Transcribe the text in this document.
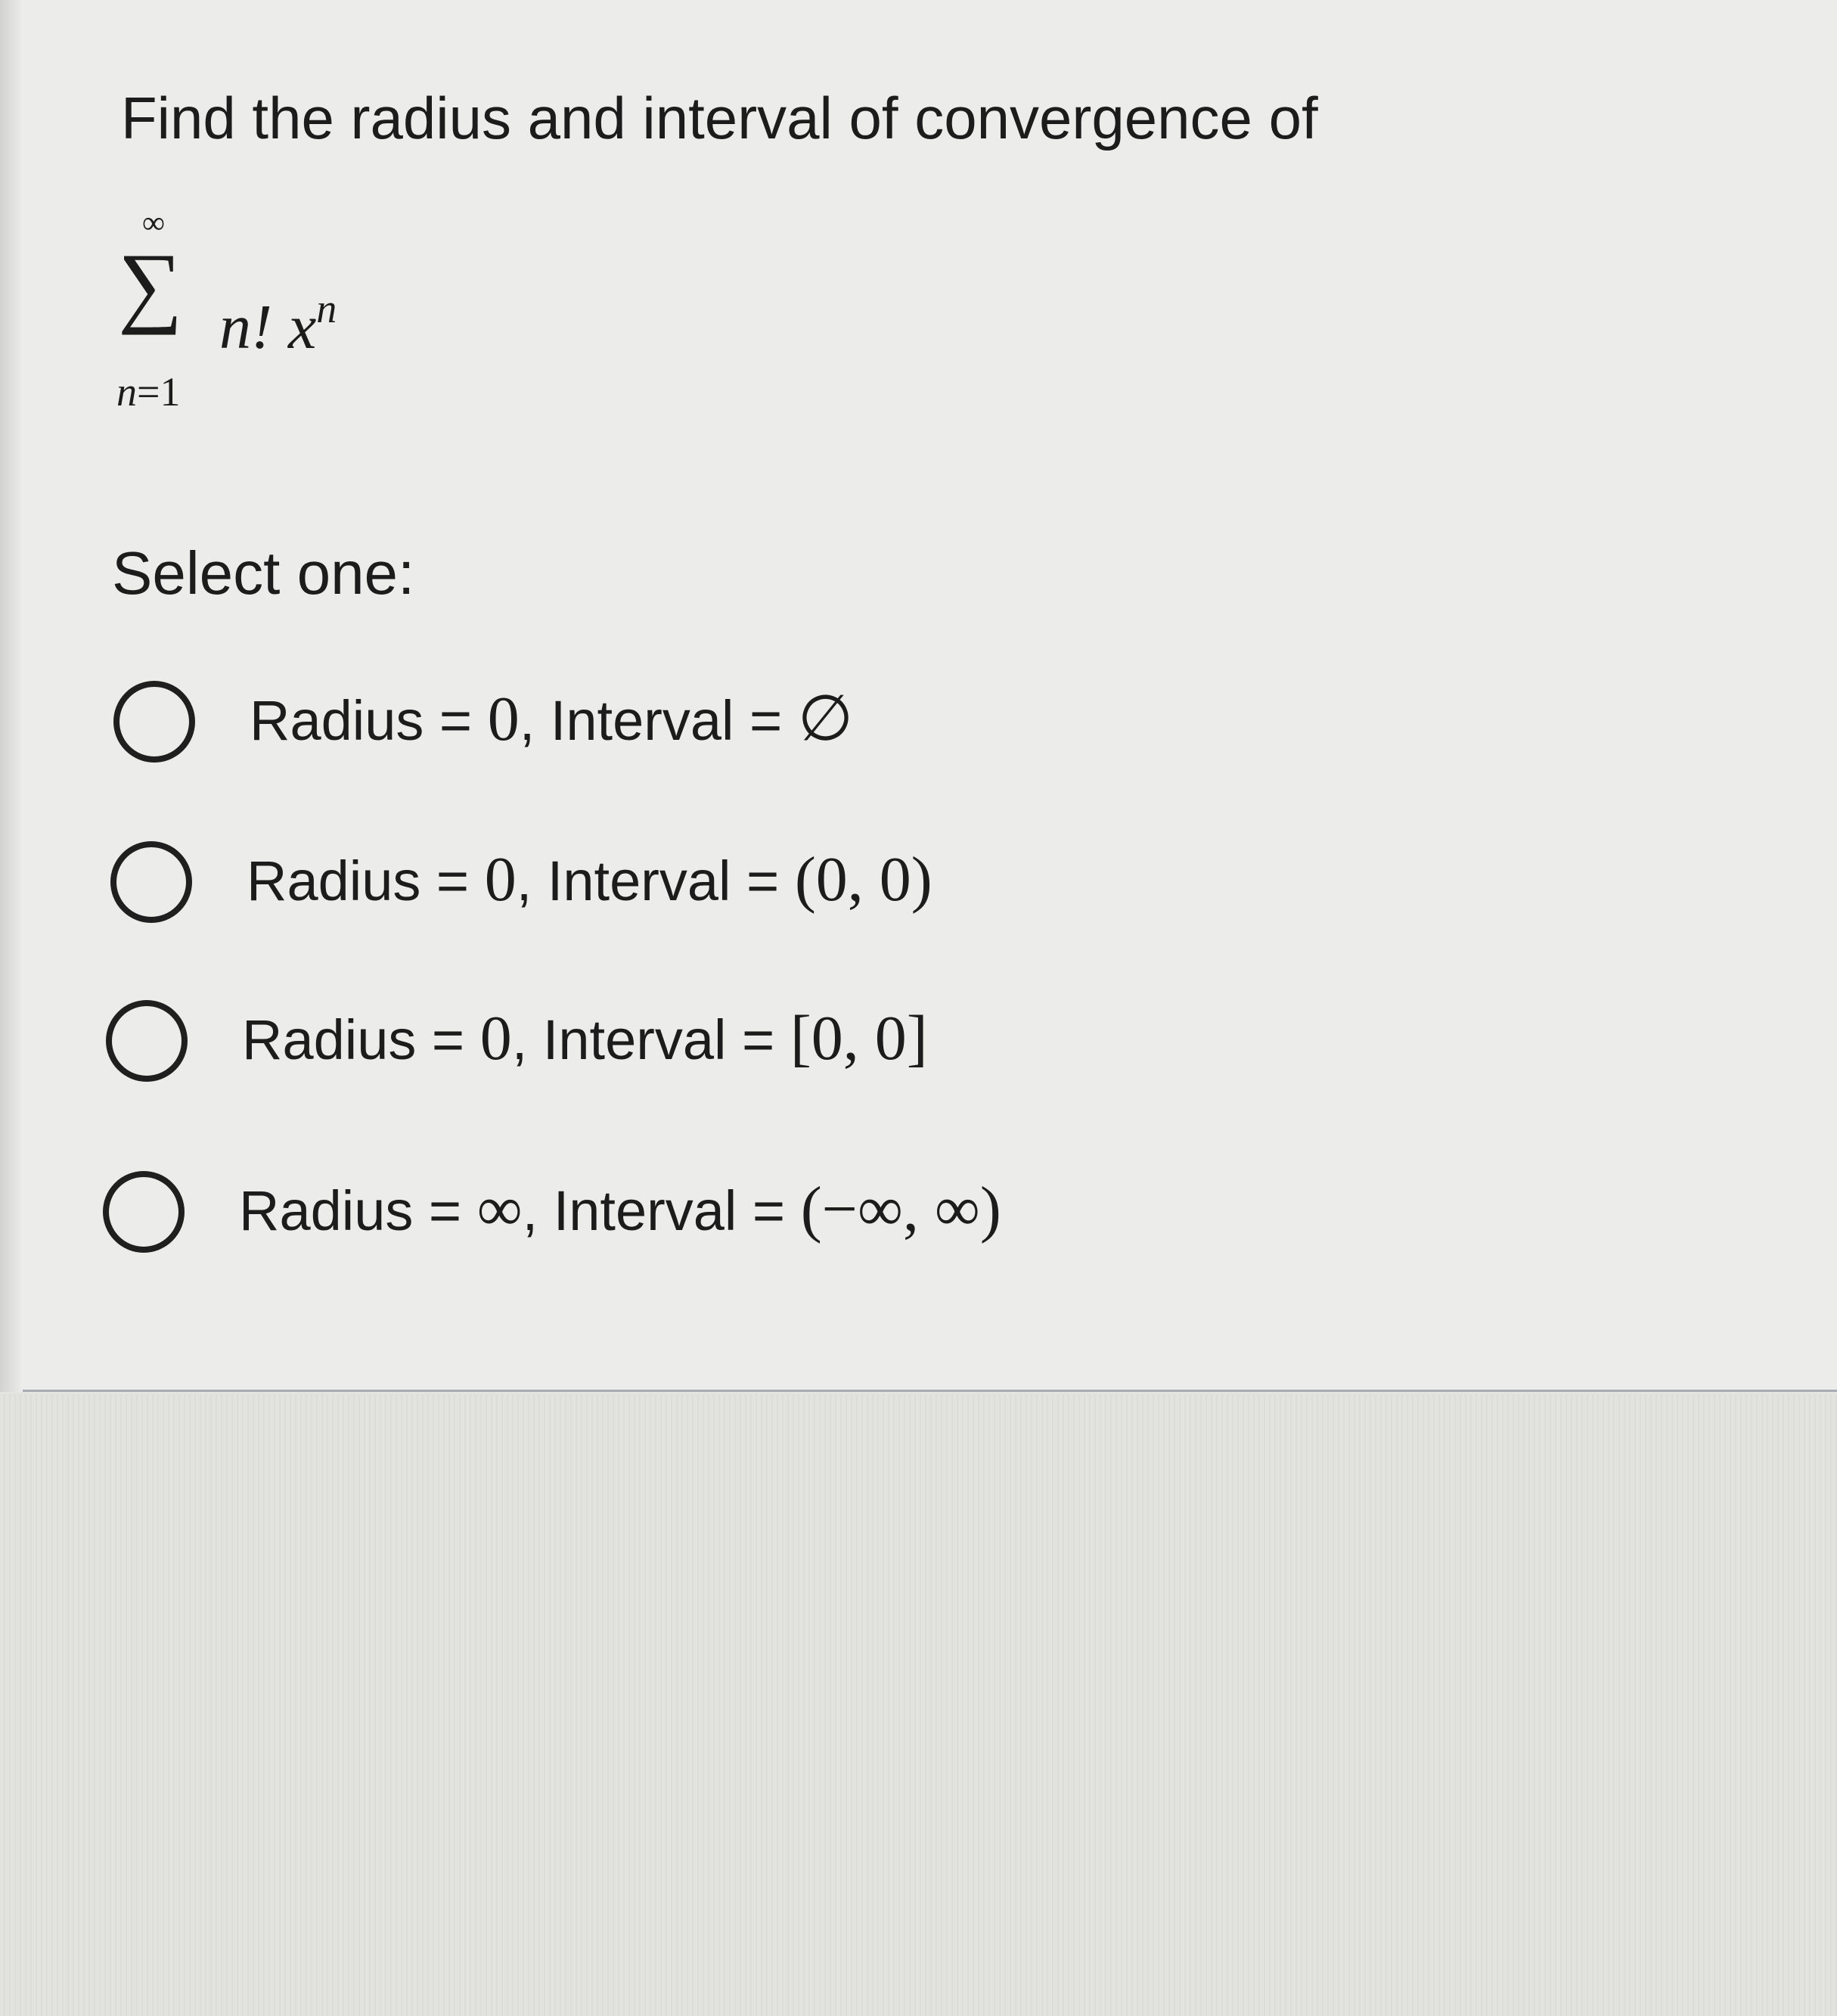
Find the radius and interval of convergence of
∞
∑
n=1
n! $x^n$
Select one:
Radius = 0, Interval = ∅
Radius = 0, Interval = (0, 0)
Radius = 0, Interval = [0, 0]
Radius = ∞, Interval = (−∞, ∞)
